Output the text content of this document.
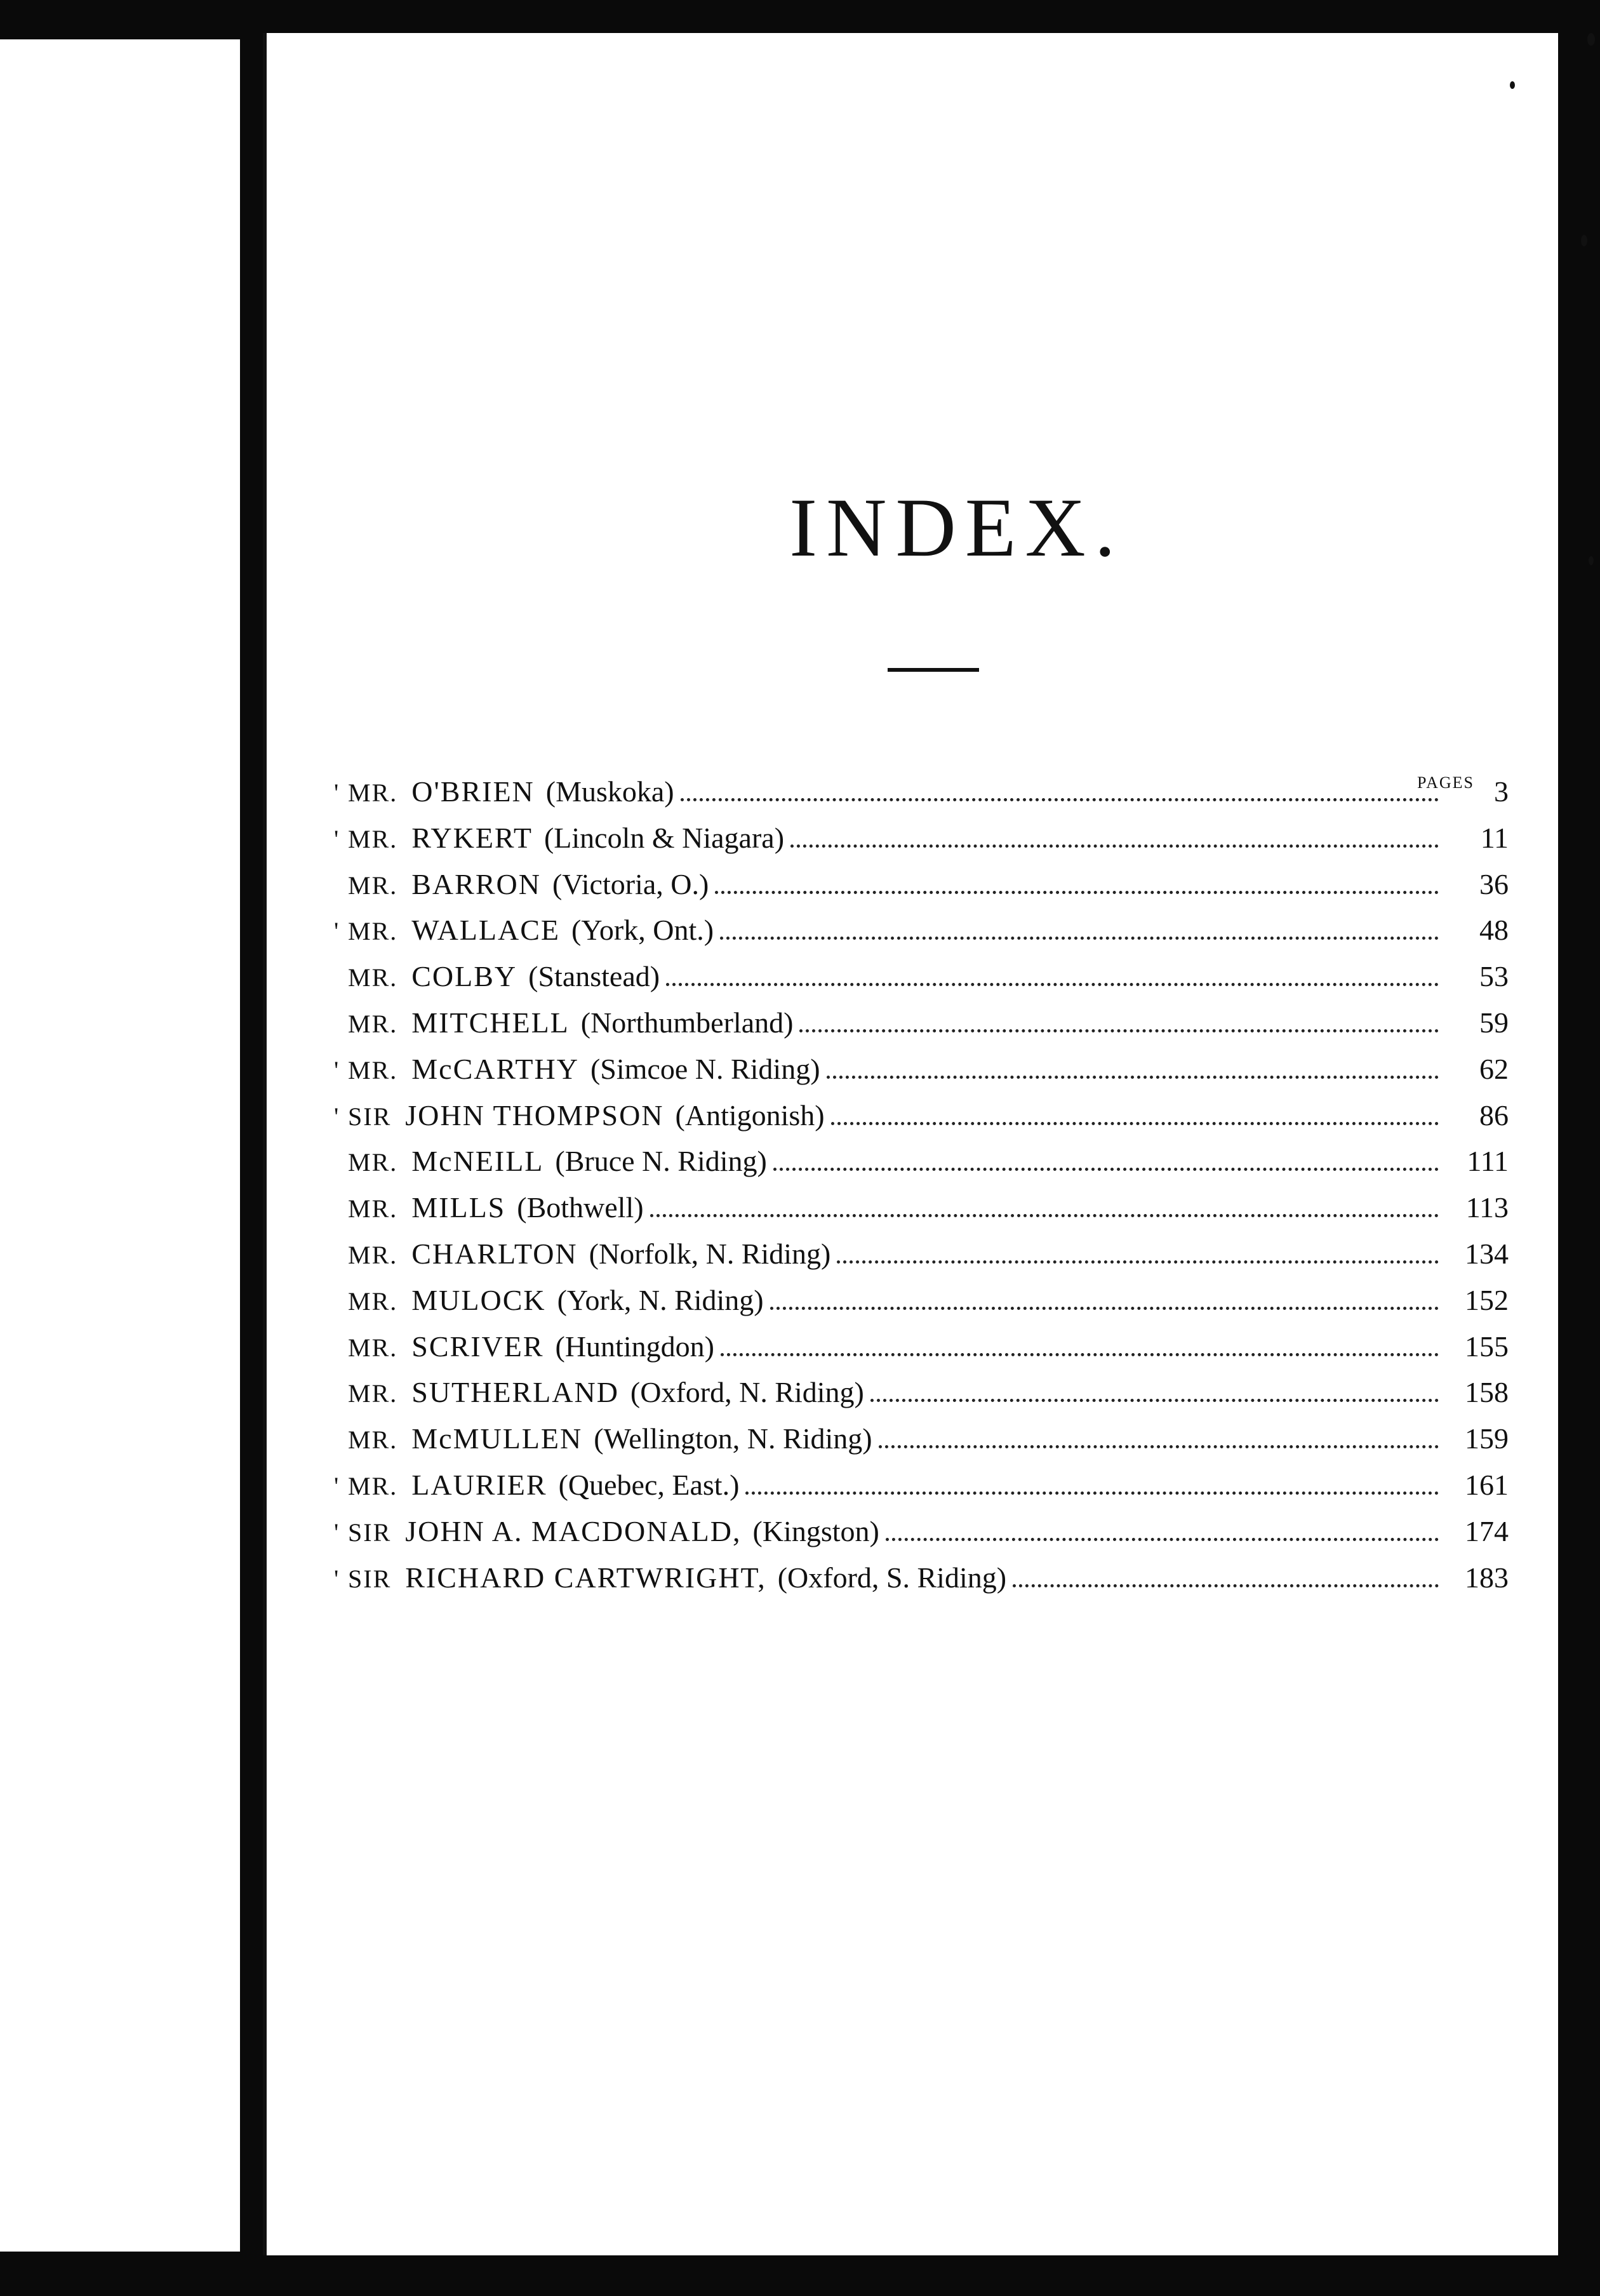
INDEX.
PAGES
' MR. O'BRIEN (Muskoka)	3
' MR. RYKERT (Lincoln & Niagara)	11
MR. BARRON (Victoria, O.)	36
' MR. WALLACE (York, Ont.)	48
MR. COLBY (Stanstead)	53
MR. MITCHELL (Northumberland)	59
' MR. McCARTHY (Simcoe N. Riding)	62
' SIR JOHN THOMPSON (Antigonish)	86
MR. McNEILL (Bruce N. Riding)	111
MR. MILLS (Bothwell)	113
MR. CHARLTON (Norfolk, N. Riding)	134
MR. MULOCK (York, N. Riding)	152
MR. SCRIVER (Huntingdon)	155
MR. SUTHERLAND (Oxford, N. Riding)	158
MR. McMULLEN (Wellington, N. Riding)	159
' MR. LAURIER (Quebec, East.)	161
' SIR JOHN A. MACDONALD, (Kingston)	174
' SIR RICHARD CARTWRIGHT, (Oxford, S. Riding)	183
